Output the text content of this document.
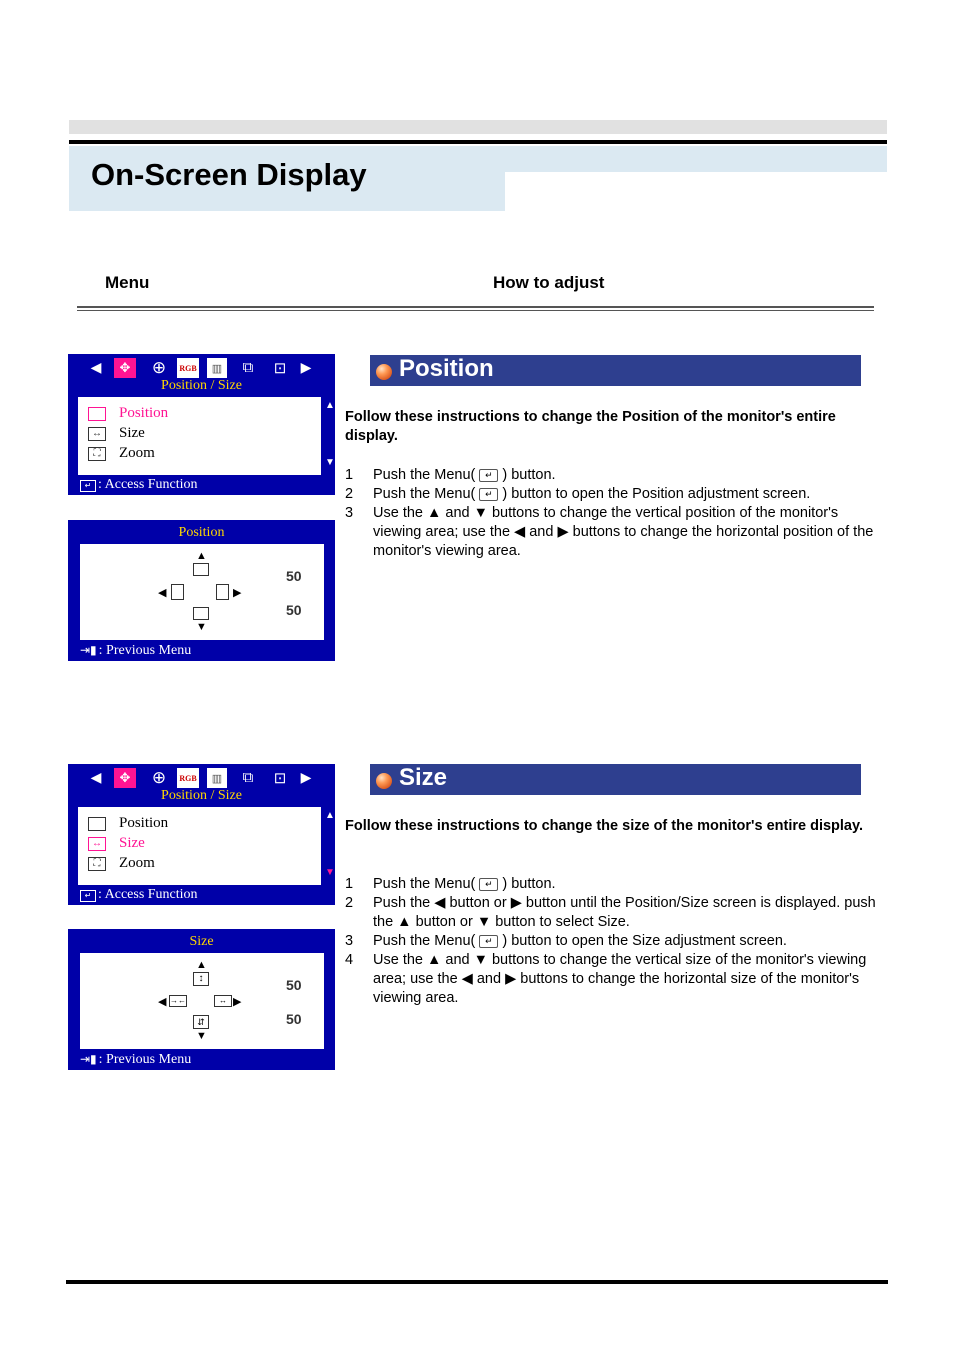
On-Screen Display
Menu	How to adjust
◀	✥	⊕	RGB	▥	⧉	⊡ ▶
Position / Size
Position
↔ Size
⛶	Zoom
▲
▼
↵ : Access Function
Position
▲
◀	▶
▼
50
50
⇥▮ : Previous Menu
Position
Follow these instructions to change the Position of the monitor's entire display.
1 Push the Menu( ↵ ) button.
2 Push the Menu( ↵ ) button to open the Position adjustment screen.
3 Use the ▲ and ▼ buttons to change the vertical position of the monitor's viewing area; use the ◀ and ▶ buttons to change the horizontal position of the monitor's viewing area.
◀	✥	⊕	RGB	▥	⧉	⊡ ▶
Position / Size
Position
↔ Size
⛶	Zoom
▲
▼
↵ : Access Function
Size
▲
↕
◀ →←	↔ ▶
⇵
▼
50
50
⇥▮ : Previous Menu
Size
Follow these instructions to change the size of the monitor's entire display.
1 Push the Menu( ↵ ) button.
2 Push the ◀ button or ▶ button until the Position/Size screen is displayed. push the ▲ button or ▼ button to select Size.
3 Push the Menu( ↵ ) button to open the Size adjustment screen.
4 Use the ▲ and ▼ buttons to change the vertical size of the monitor's viewing area; use the ◀ and ▶ buttons to change the horizontal size of the monitor's viewing area.
